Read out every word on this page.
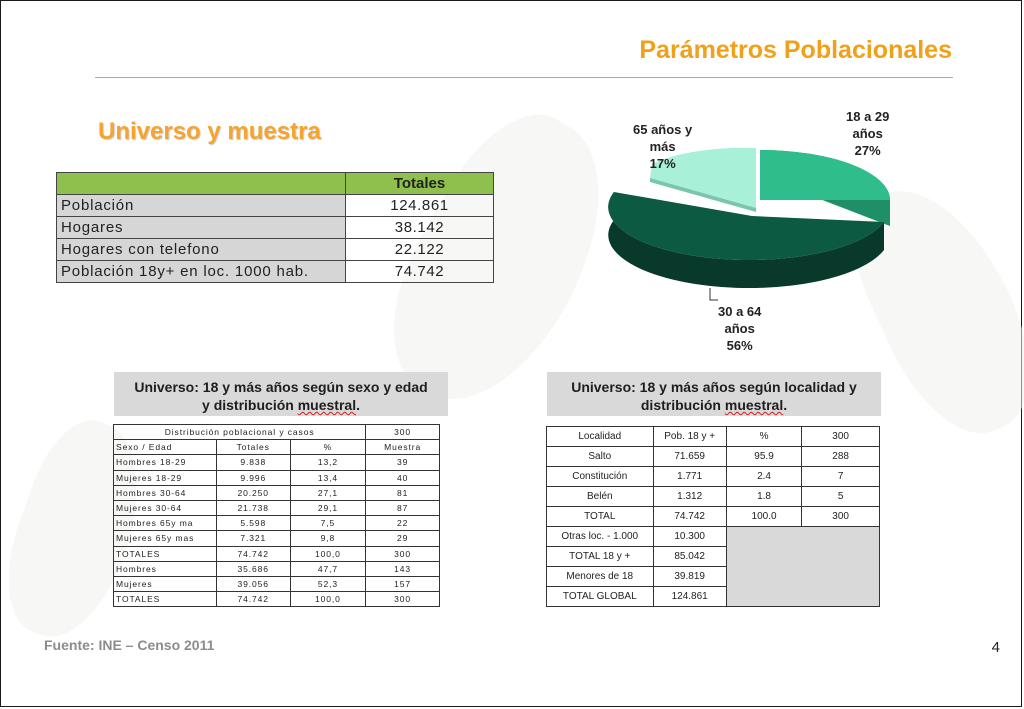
Parámetros Poblacionales
Universo y muestra
	Totales
Población	124.861
Hogares	38.142
Hogares con telefono	22.122
Población 18y+ en loc. 1000 hab.	74.742
18 a 29
años
27%
65 años y
más
17%
30 a 64
años
56%
Universo: 18 y más años según sexo y edad
y distribución muestral.
Distribución poblacional y casos			300
Sexo / Edad	Totales	%	Muestra
Hombres 18-29	9.838	13,2	39
Mujeres 18-29	9.996	13,4	40
Hombres 30-64	20.250	27,1	81
Mujeres 30-64	21.738	29,1	87
Hombres 65y ma	5.598	7,5	22
Mujeres 65y mas	7.321	9,8	29
TOTALES	74.742	100,0	300
Hombres	35.686	47,7	143
Mujeres	39.056	52,3	157
TOTALES	74.742	100,0	300
Universo: 18 y más años según localidad y
distribución muestral.
Localidad	Pob. 18 y +	%	300
Salto	71.659	95.9	288
Constitución	1.771	2.4	7
Belén	1.312	1.8	5
TOTAL	74.742	100.0	300
Otras loc. - 1.000	10.300		
TOTAL 18 y +	85.042		
Menores de 18	39.819		
TOTAL GLOBAL	124.861		
Fuente: INE – Censo 2011	4
